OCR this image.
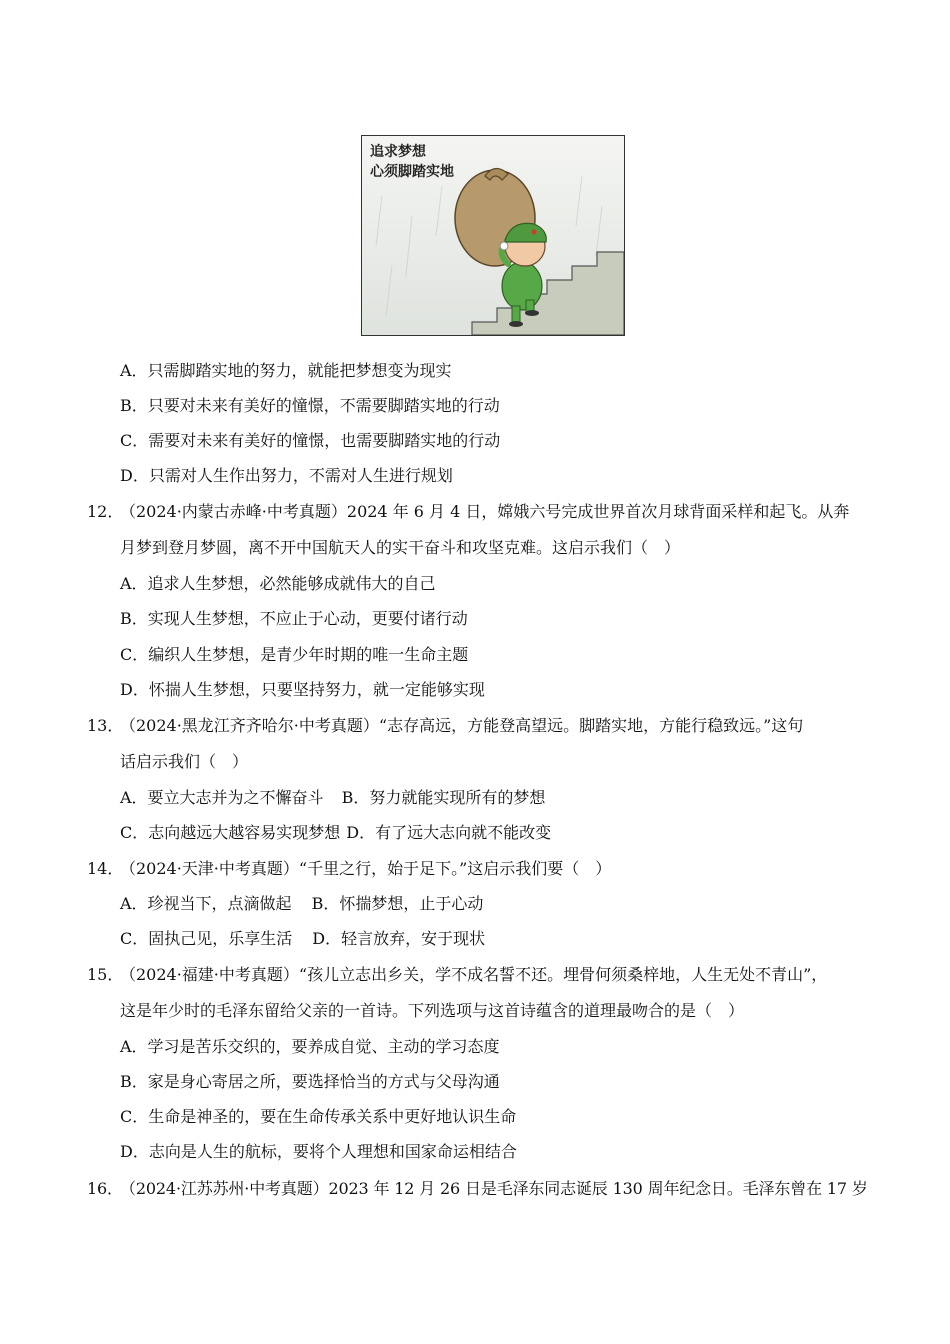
追求梦想
心须脚踏实地
A．只需脚踏实地的努力，就能把梦想变为现实
B．只要对未来有美好的憧憬，不需要脚踏实地的行动
C．需要对未来有美好的憧憬，也需要脚踏实地的行动
D．只需对人生作出努力，不需对人生进行规划
12．（2024·内蒙古赤峰·中考真题）2024 年 6 月 4 日，嫦娥六号完成世界首次月球背面采样和起飞。从奔
月梦到登月梦圆，离不开中国航天人的实干奋斗和攻坚克难。这启示我们（　）
A．追求人生梦想，必然能够成就伟大的自己
B．实现人生梦想，不应止于心动，更要付诸行动
C．编织人生梦想，是青少年时期的唯一生命主题
D．怀揣人生梦想，只要坚持努力，就一定能够实现
13．（2024·黑龙江齐齐哈尔·中考真题）“志存高远，方能登高望远。脚踏实地，方能行稳致远。”这句
话启示我们（　）
A．要立大志并为之不懈奋斗 B．努力就能实现所有的梦想
C．志向越远大越容易实现梦想 D．有了远大志向就不能改变
14．（2024·天津·中考真题）“千里之行，始于足下。”这启示我们要（　）
A．珍视当下，点滴做起 B．怀揣梦想，止于心动
C．固执己见，乐享生活 D．轻言放弃，安于现状
15．（2024·福建·中考真题）“孩儿立志出乡关，学不成名誓不还。埋骨何须桑梓地，人生无处不青山”，
这是年少时的毛泽东留给父亲的一首诗。下列选项与这首诗蕴含的道理最吻合的是（　）
A．学习是苦乐交织的，要养成自觉、主动的学习态度
B．家是身心寄居之所，要选择恰当的方式与父母沟通
C．生命是神圣的，要在生命传承关系中更好地认识生命
D．志向是人生的航标，要将个人理想和国家命运相结合
16．（2024·江苏苏州·中考真题）2023 年 12 月 26 日是毛泽东同志诞辰 130 周年纪念日。毛泽东曾在 17 岁
